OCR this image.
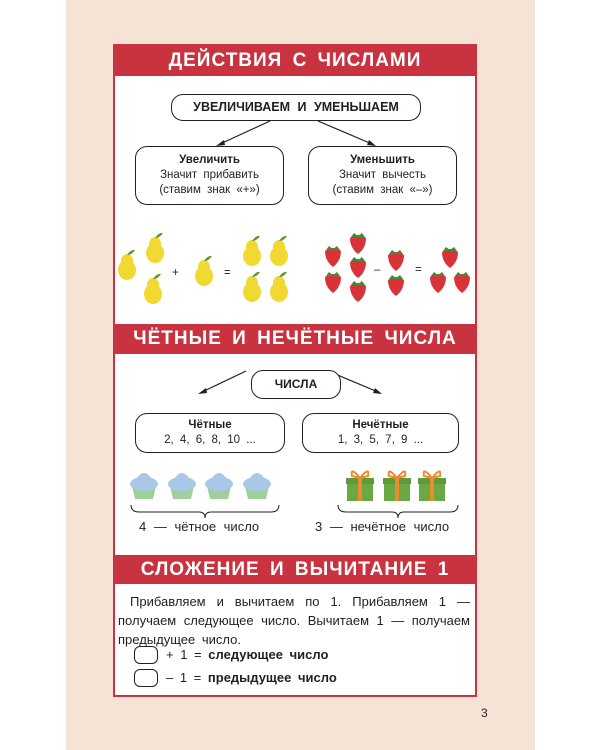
ДЕЙСТВИЯ С ЧИСЛАМИ
УВЕЛИЧИВАЕМ И УМЕНЬШАЕМ
Увеличить
Значит прибавить
(ставим знак «+»)
Уменьшить
Значит вычесть
(ставим знак «–»)
+	=	–	=
ЧЁТНЫЕ И НЕЧЁТНЫЕ ЧИСЛА
ЧИСЛА
Чётные
2, 4, 6, 8, 10 ...
Нечётные
1, 3, 5, 7, 9 ...
4 — чётное число	3 — нечётное число
СЛОЖЕНИЕ И ВЫЧИТАНИЕ 1
Прибавляем и вычитаем по 1. Прибавляем 1 — получаем следующее число. Вычитаем 1 — получаем предыдущее число.
+ 1 = следующее число
– 1 = предыдущее число
3
